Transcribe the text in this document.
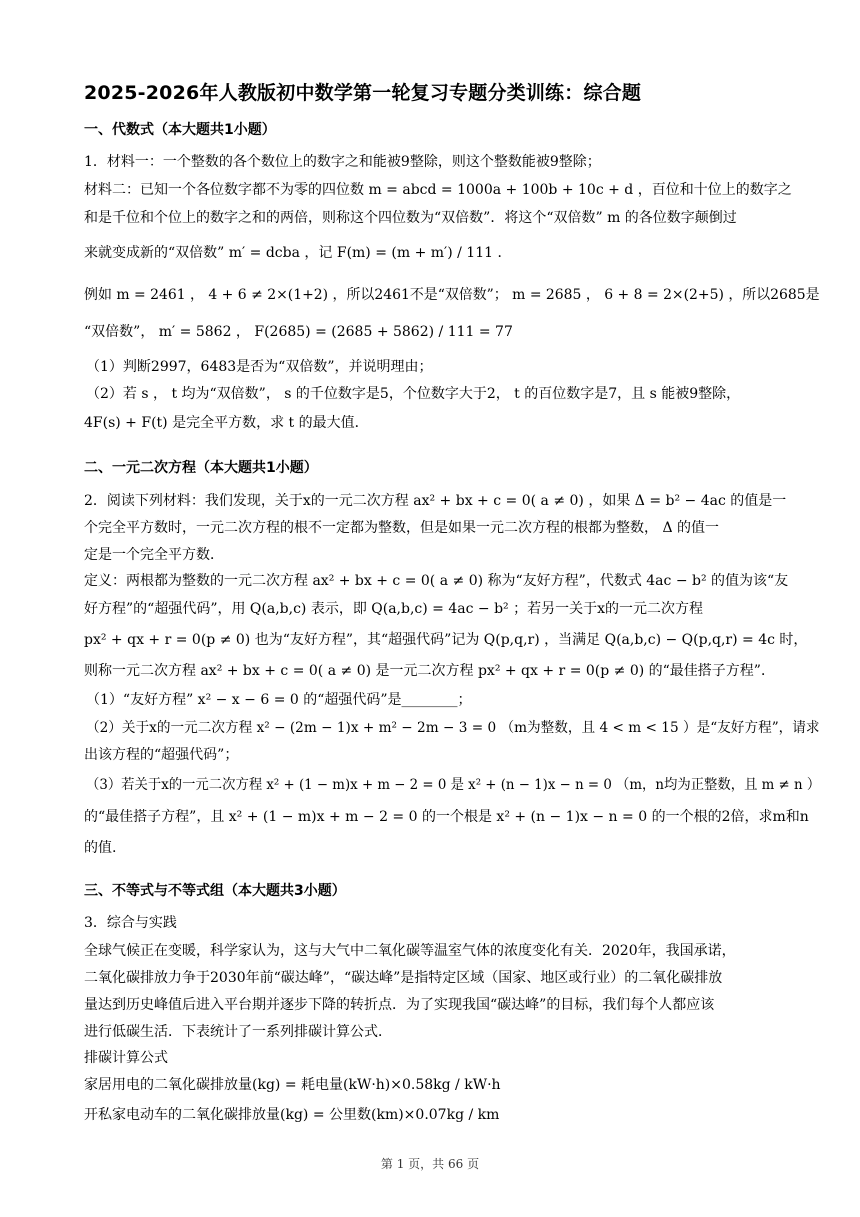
2025-2026年人教版初中数学第一轮复习专题分类训练：综合题
一、代数式（本大题共1小题）
1．材料一：一个整数的各个数位上的数字之和能被9整除，则这个整数能被9整除；
材料二：已知一个各位数字都不为零的四位数 m = abcd = 1000a + 100b + 10c + d ，百位和十位上的数字之
和是千位和个位上的数字之和的两倍，则称这个四位数为“双倍数”．将这个“双倍数” m 的各位数字颠倒过
来就变成新的“双倍数” m′ = dcba ，记 F(m) = (m + m′) / 111 ．
例如 m = 2461 ， 4 + 6 ≠ 2×(1+2) ，所以2461不是“双倍数”； m = 2685 ， 6 + 8 = 2×(2+5) ，所以2685是
“双倍数”， m′ = 5862 ， F(2685) = (2685 + 5862) / 111 = 77
（1）判断2997，6483是否为“双倍数”，并说明理由；
（2）若 s ， t 均为“双倍数”， s 的千位数字是5，个位数字大于2， t 的百位数字是7，且 s 能被9整除，
4F(s) + F(t) 是完全平方数，求 t 的最大值．
二、一元二次方程（本大题共1小题）
2．阅读下列材料：我们发现，关于x的一元二次方程 ax² + bx + c = 0( a ≠ 0) ，如果 Δ = b² − 4ac 的值是一
个完全平方数时，一元二次方程的根不一定都为整数，但是如果一元二次方程的根都为整数， Δ 的值一
定是一个完全平方数．
定义：两根都为整数的一元二次方程 ax² + bx + c = 0( a ≠ 0) 称为“友好方程”，代数式 4ac − b² 的值为该“友
好方程”的“超强代码”，用 Q(a,b,c) 表示，即 Q(a,b,c) = 4ac − b² ；若另一关于x的一元二次方程
px² + qx + r = 0(p ≠ 0) 也为“友好方程”，其“超强代码”记为 Q(p,q,r) ，当满足 Q(a,b,c) − Q(p,q,r) = 4c 时，
则称一元二次方程 ax² + bx + c = 0( a ≠ 0) 是一元二次方程 px² + qx + r = 0(p ≠ 0) 的“最佳搭子方程”．
（1）“友好方程” x² − x − 6 = 0 的“超强代码”是________；
（2）关于x的一元二次方程 x² − (2m − 1)x + m² − 2m − 3 = 0 （m为整数，且 4 < m < 15 ）是“友好方程”，请求
出该方程的“超强代码”；
（3）若关于x的一元二次方程 x² + (1 − m)x + m − 2 = 0 是 x² + (n − 1)x − n = 0 （m，n均为正整数，且 m ≠ n ）
的“最佳搭子方程”，且 x² + (1 − m)x + m − 2 = 0 的一个根是 x² + (n − 1)x − n = 0 的一个根的2倍，求m和n
的值.
三、不等式与不等式组（本大题共3小题）
3．综合与实践
全球气候正在变暖，科学家认为，这与大气中二氧化碳等温室气体的浓度变化有关．2020年，我国承诺，
二氧化碳排放力争于2030年前“碳达峰”，“碳达峰”是指特定区域（国家、地区或行业）的二氧化碳排放
量达到历史峰值后进入平台期并逐步下降的转折点．为了实现我国“碳达峰”的目标，我们每个人都应该
进行低碳生活．下表统计了一系列排碳计算公式．
排碳计算公式
家居用电的二氧化碳排放量(kg) = 耗电量(kW·h)×0.58kg / kW·h
开私家电动车的二氧化碳排放量(kg) = 公里数(km)×0.07kg / km
第 1 页，共 66 页
